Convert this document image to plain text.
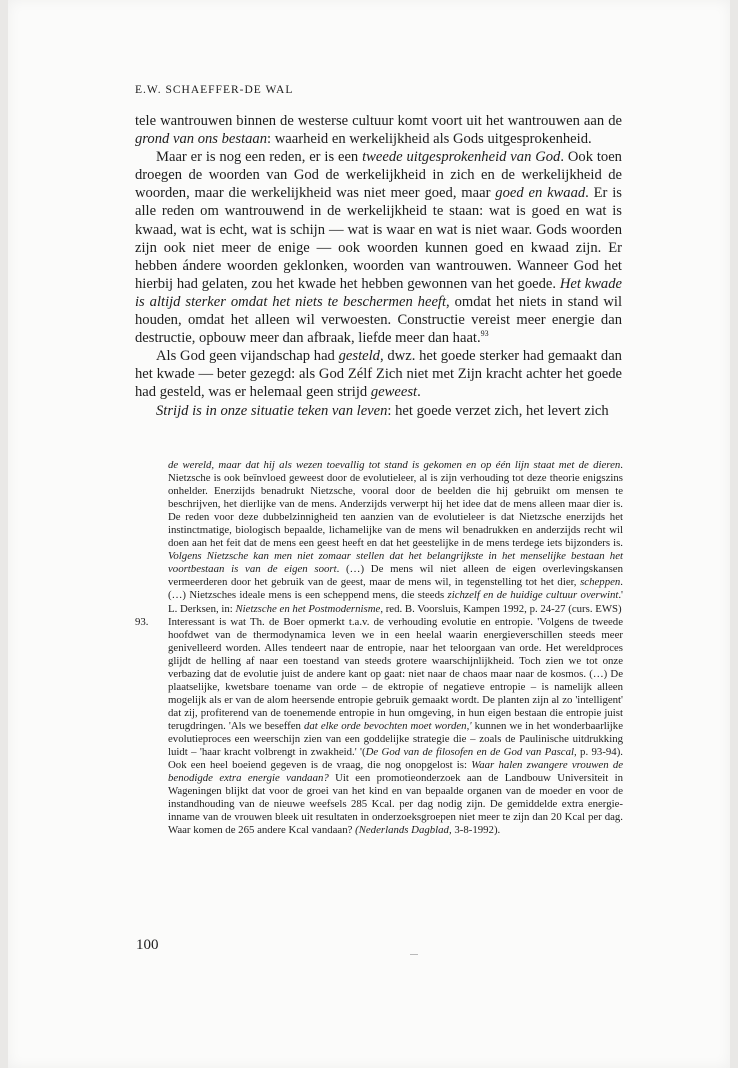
E.W. SCHAEFFER-DE WAL

tele wantrouwen binnen de westerse cultuur komt voort uit het wantrouwen aan de grond van ons bestaan: waarheid en werkelijkheid als Gods uitgesprokenheid.

Maar er is nog een reden, er is een tweede uitgesprokenheid van God. Ook toen droegen de woorden van God de werkelijkheid in zich en de werkelijkheid de woorden, maar die werkelijkheid was niet meer goed, maar goed en kwaad. Er is alle reden om wantrouwend in de werkelijkheid te staan: wat is goed en wat is kwaad, wat is echt, wat is schijn — wat is waar en wat is niet waar. Gods woorden zijn ook niet meer de enige — ook woorden kunnen goed en kwaad zijn. Er hebben ándere woorden geklonken, woorden van wantrouwen. Wanneer God het hierbij had gelaten, zou het kwade het hebben gewonnen van het goede. Het kwade is altijd sterker omdat het niets te beschermen heeft, omdat het niets in stand wil houden, omdat het alleen wil verwoesten. Constructie vereist meer energie dan destructie, opbouw meer dan afbraak, liefde meer dan haat.$^{93}$

Als God geen vijandschap had gesteld, dwz. het goede sterker had gemaakt dan het kwade — beter gezegd: als God Zélf Zich niet met Zijn kracht achter het goede had gesteld, was er helemaal geen strijd geweest.

Strijd is in onze situatie teken van leven: het goede verzet zich, het levert zich

de wereld, maar dat hij als wezen toevallig tot stand is gekomen en op één lijn staat met de dieren. Nietzsche is ook beïnvloed geweest door de evolutieleer, al is zijn verhouding tot deze theorie enigszins onhelder. Enerzijds benadrukt Nietzsche, vooral door de beelden die hij gebruikt om mensen te beschrijven, het dierlijke van de mens. Anderzijds verwerpt hij het idee dat de mens alleen maar dier is. De reden voor deze dubbelzinnigheid ten aanzien van de evolutieleer is dat Nietzsche enerzijds het instinctmatige, biologisch bepaalde, lichamelijke van de mens wil benadrukken en anderzijds recht wil doen aan het feit dat de mens een geest heeft en dat het geestelijke in de mens terdege iets bijzonders is. Volgens Nietzsche kan men niet zomaar stellen dat het belangrijkste in het menselijke bestaan het voortbestaan is van de eigen soort. (…) De mens wil niet alleen de eigen overlevingskansen vermeerderen door het gebruik van de geest, maar de mens wil, in tegenstelling tot het dier, scheppen. (…) Nietzsches ideale mens is een scheppend mens, die steeds zichzelf en de huidige cultuur overwint.' L. Derksen, in: Nietzsche en het Postmodernisme, red. B. Voorsluis, Kampen 1992, p. 24-27 (curs. EWS)

93. Interessant is wat Th. de Boer opmerkt t.a.v. de verhouding evolutie en entropie. 'Volgens de tweede hoofdwet van de thermodynamica leven we in een heelal waarin energieverschillen steeds meer genivelleerd worden. Alles tendeert naar de entropie, naar het teloorgaan van orde. Het wereldproces glijdt de helling af naar een toestand van steeds grotere waarschijnlijkheid. Toch zien we tot onze verbazing dat de evolutie juist de andere kant op gaat: niet naar de chaos maar naar de kosmos. (…) De plaatselijke, kwetsbare toename van orde – de ektropie of negatieve entropie – is namelijk alleen mogelijk als er van de alom heersende entropie gebruik gemaakt wordt. De planten zijn al zo 'intelligent' dat zij, profiterend van de toenemende entropie in hun omgeving, in hun eigen bestaan die entropie juist terugdringen. 'Als we beseffen dat elke orde bevochten moet worden,' kunnen we in het wonderbaarlijke evolutieproces een weerschijn zien van een goddelijke strategie die – zoals de Paulinische uitdrukking luidt – 'haar kracht volbrengt in zwakheid.' '(De God van de filosofen en de God van Pascal, p. 93-94). Ook een heel boeiend gegeven is de vraag, die nog onopgelost is: Waar halen zwangere vrouwen de benodigde extra energie vandaan? Uit een promotieonderzoek aan de Landbouw Universiteit in Wageningen blijkt dat voor de groei van het kind en van bepaalde organen van de moeder en voor de instandhouding van de nieuwe weefsels 285 Kcal. per dag nodig zijn. De gemiddelde extra energie-inname van de vrouwen bleek uit resultaten in onderzoeksgroepen niet meer te zijn dan 20 Kcal per dag. Waar komen de 265 andere Kcal vandaan? (Nederlands Dagblad, 3-8-1992).

100
